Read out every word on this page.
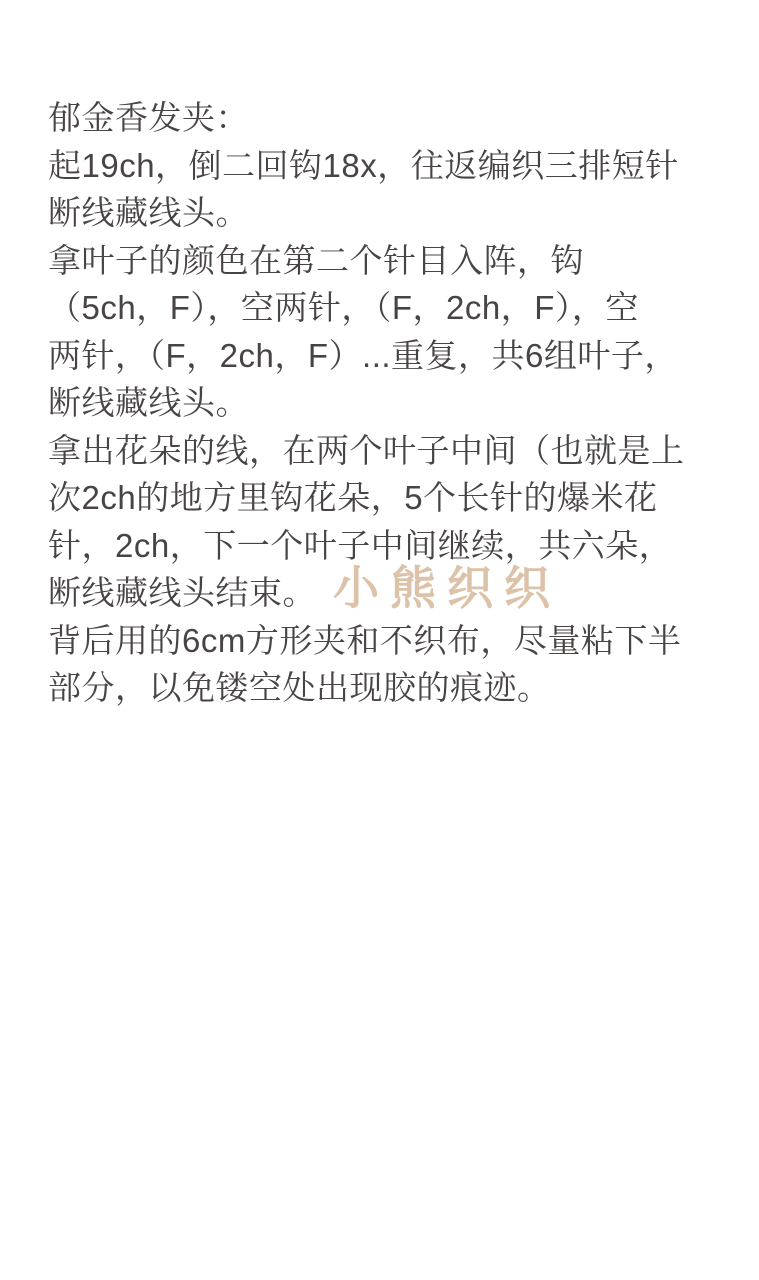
郁金香发夹：
起19ch，倒二回钩18x，往返编织三排短针
断线藏线头。
拿叶子的颜色在第二个针目入阵，钩
（5ch，F），空两针，（F，2ch，F），空
两针，（F，2ch，F）...重复，共6组叶子，
断线藏线头。
拿出花朵的线，在两个叶子中间（也就是上
次2ch的地方里钩花朵，5个长针的爆米花
针，2ch，下一个叶子中间继续，共六朵，
断线藏线头结束。
背后用的6cm方形夹和不织布，尽量粘下半
部分，以免镂空处出现胶的痕迹。
小熊织织
